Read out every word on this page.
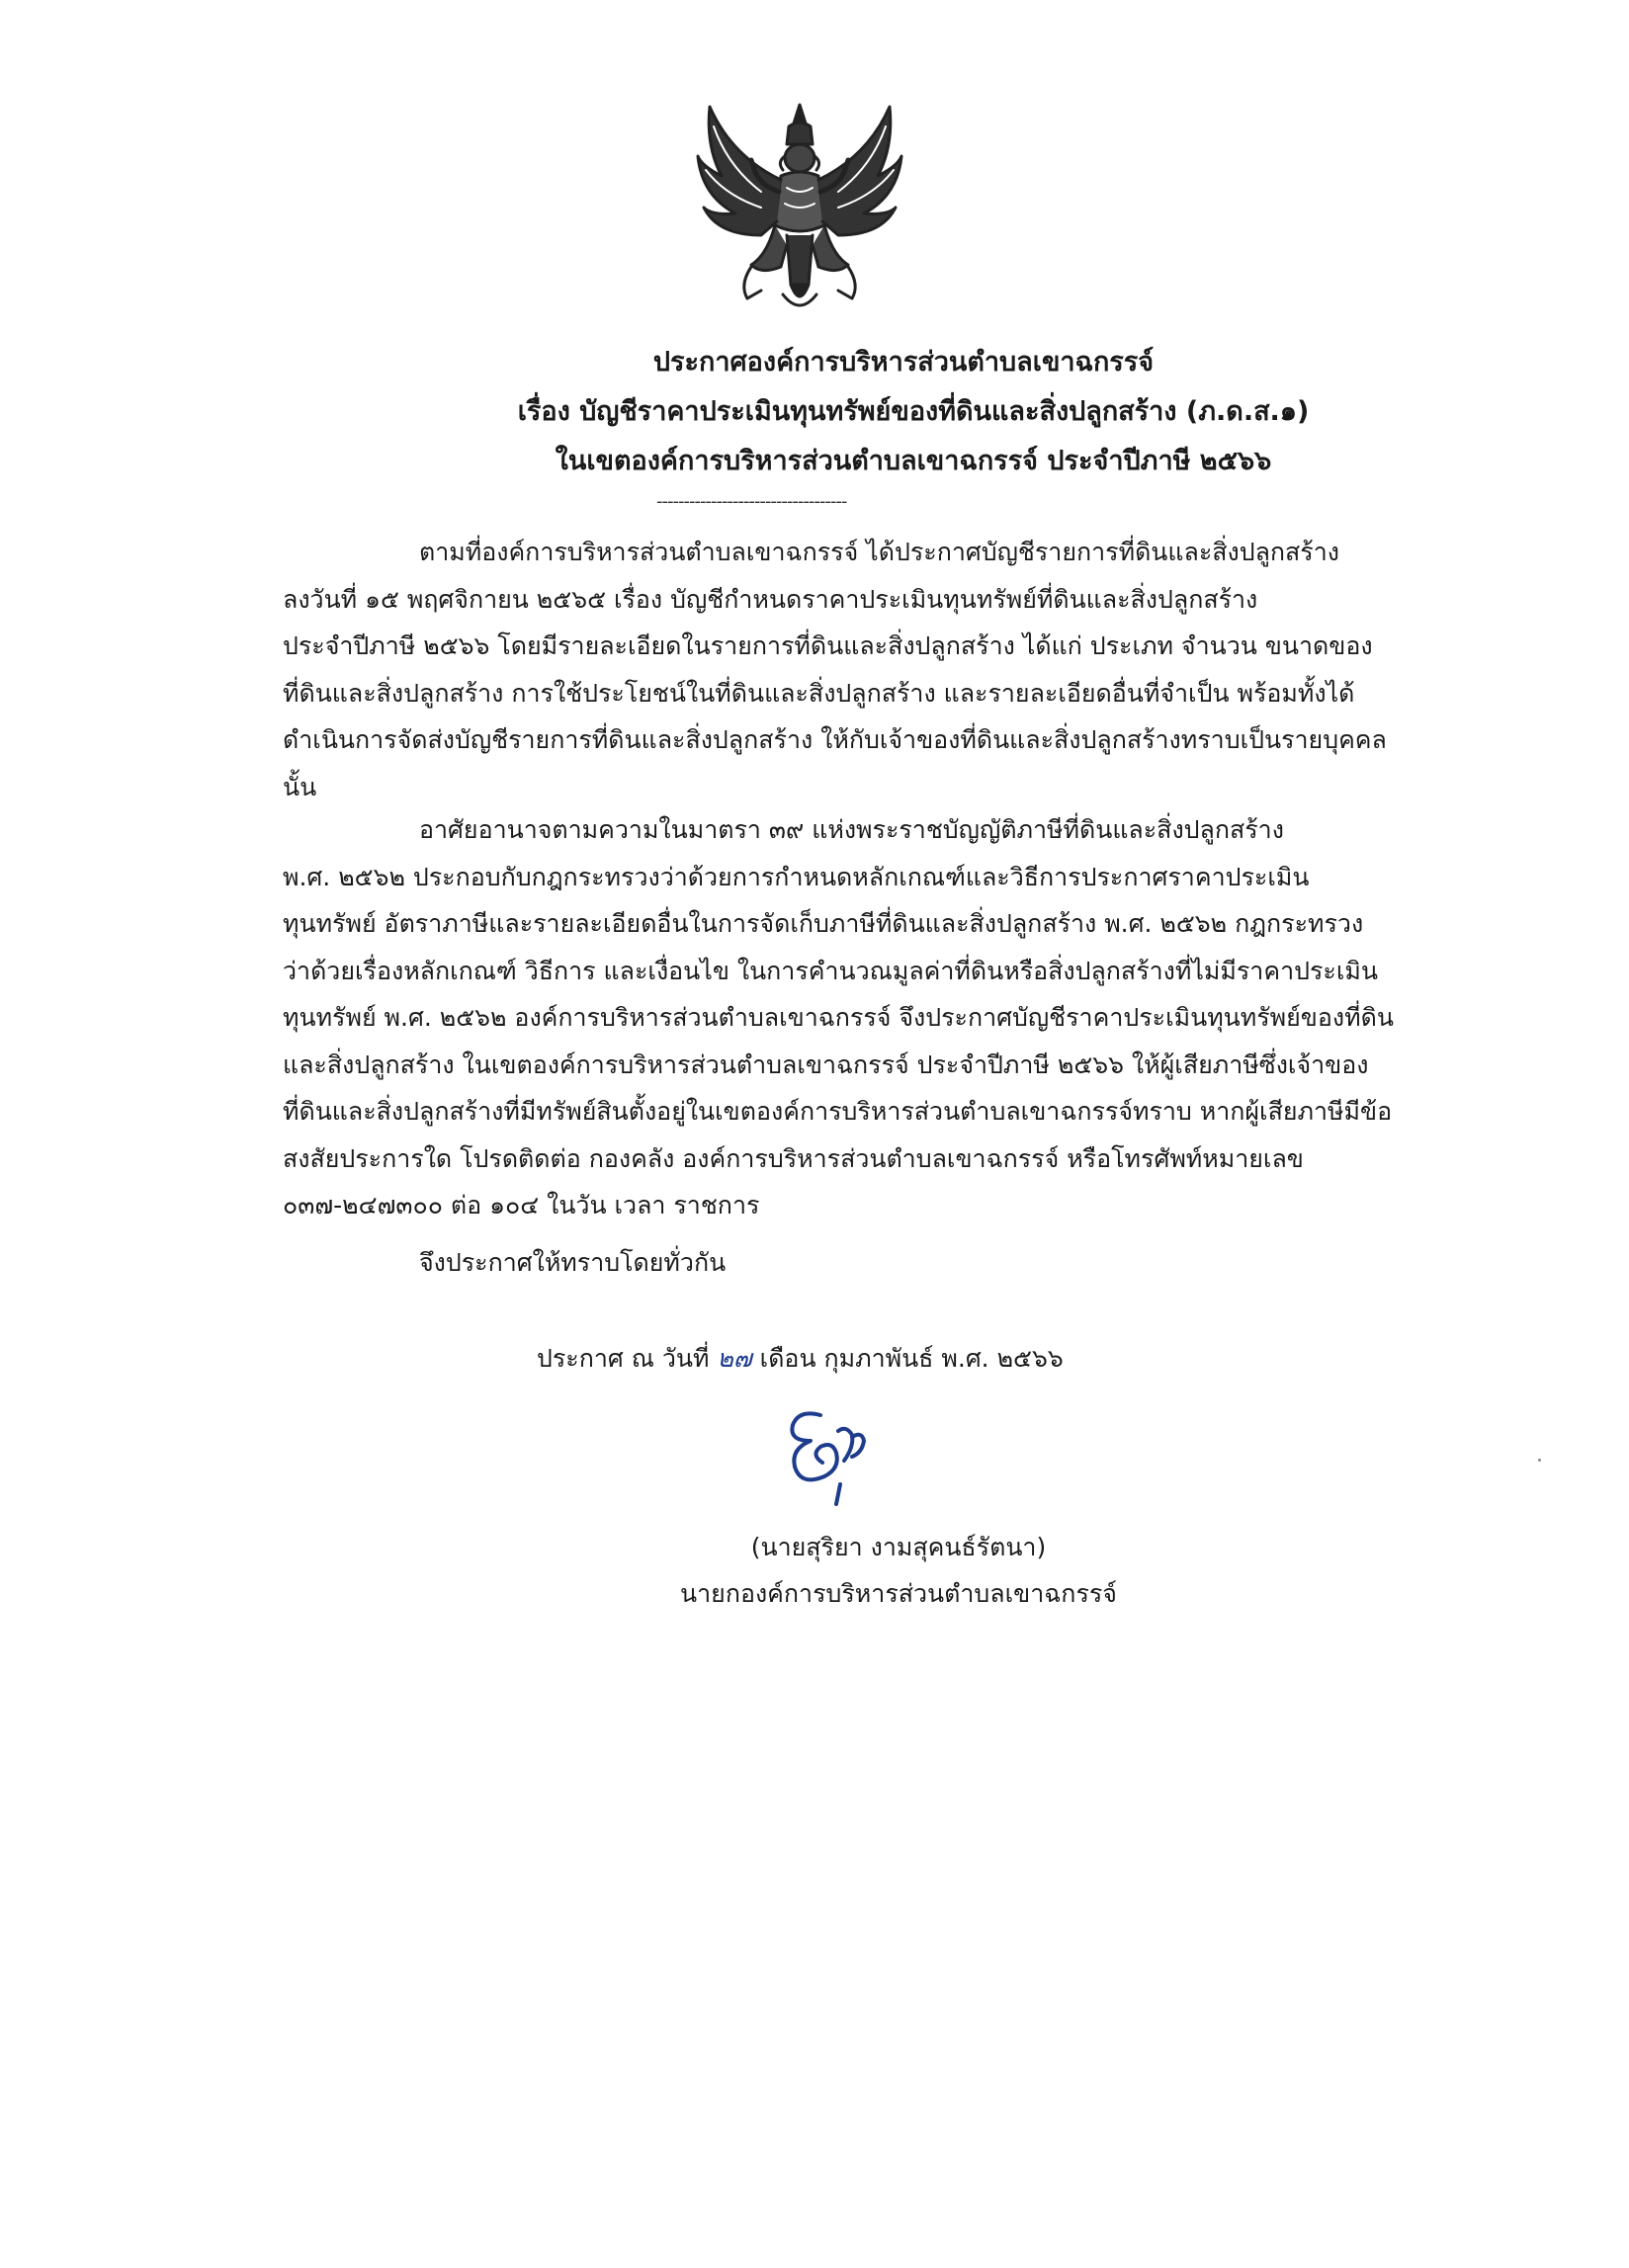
ประกาศองค์การบริหารส่วนตำบลเขาฉกรรจ์
เรื่อง บัญชีราคาประเมินทุนทรัพย์ของที่ดินและสิ่งปลูกสร้าง (ภ.ด.ส.๑)
ในเขตองค์การบริหารส่วนตำบลเขาฉกรรจ์ ประจำปีภาษี ๒๕๖๖
-----------------------------------
ตามที่องค์การบริหารส่วนตำบลเขาฉกรรจ์ ได้ประกาศบัญชีรายการที่ดินและสิ่งปลูกสร้าง
ลงวันที่ ๑๕ พฤศจิกายน ๒๕๖๕ เรื่อง บัญชีกำหนดราคาประเมินทุนทรัพย์ที่ดินและสิ่งปลูกสร้าง
ประจำปีภาษี ๒๕๖๖ โดยมีรายละเอียดในรายการที่ดินและสิ่งปลูกสร้าง ได้แก่ ประเภท จำนวน ขนาดของ
ที่ดินและสิ่งปลูกสร้าง การใช้ประโยชน์ในที่ดินและสิ่งปลูกสร้าง และรายละเอียดอื่นที่จำเป็น พร้อมทั้งได้
ดำเนินการจัดส่งบัญชีรายการที่ดินและสิ่งปลูกสร้าง ให้กับเจ้าของที่ดินและสิ่งปลูกสร้างทราบเป็นรายบุคคล
นั้น
อาศัยอานาจตามความในมาตรา ๓๙ แห่งพระราชบัญญัติภาษีที่ดินและสิ่งปลูกสร้าง
พ.ศ. ๒๕๖๒ ประกอบกับกฎกระทรวงว่าด้วยการกำหนดหลักเกณฑ์และวิธีการประกาศราคาประเมิน
ทุนทรัพย์ อัตราภาษีและรายละเอียดอื่นในการจัดเก็บภาษีที่ดินและสิ่งปลูกสร้าง พ.ศ. ๒๕๖๒ กฎกระทรวง
ว่าด้วยเรื่องหลักเกณฑ์ วิธีการ และเงื่อนไข ในการคำนวณมูลค่าที่ดินหรือสิ่งปลูกสร้างที่ไม่มีราคาประเมิน
ทุนทรัพย์ พ.ศ. ๒๕๖๒ องค์การบริหารส่วนตำบลเขาฉกรรจ์ จึงประกาศบัญชีราคาประเมินทุนทรัพย์ของที่ดิน
และสิ่งปลูกสร้าง ในเขตองค์การบริหารส่วนตำบลเขาฉกรรจ์ ประจำปีภาษี ๒๕๖๖ ให้ผู้เสียภาษีซึ่งเจ้าของ
ที่ดินและสิ่งปลูกสร้างที่มีทรัพย์สินตั้งอยู่ในเขตองค์การบริหารส่วนตำบลเขาฉกรรจ์ทราบ หากผู้เสียภาษีมีข้อ
สงสัยประการใด โปรดติดต่อ กองคลัง องค์การบริหารส่วนตำบลเขาฉกรรจ์ หรือโทรศัพท์หมายเลข
๐๓๗-๒๔๗๓๐๐ ต่อ ๑๐๔ ในวัน เวลา ราชการ
จึงประกาศให้ทราบโดยทั่วกัน
ประกาศ ณ วันที่ ๒๗ เดือน กุมภาพันธ์ พ.ศ. ๒๕๖๖
(นายสุริยา งามสุคนธ์รัตนา)
นายกองค์การบริหารส่วนตำบลเขาฉกรรจ์
